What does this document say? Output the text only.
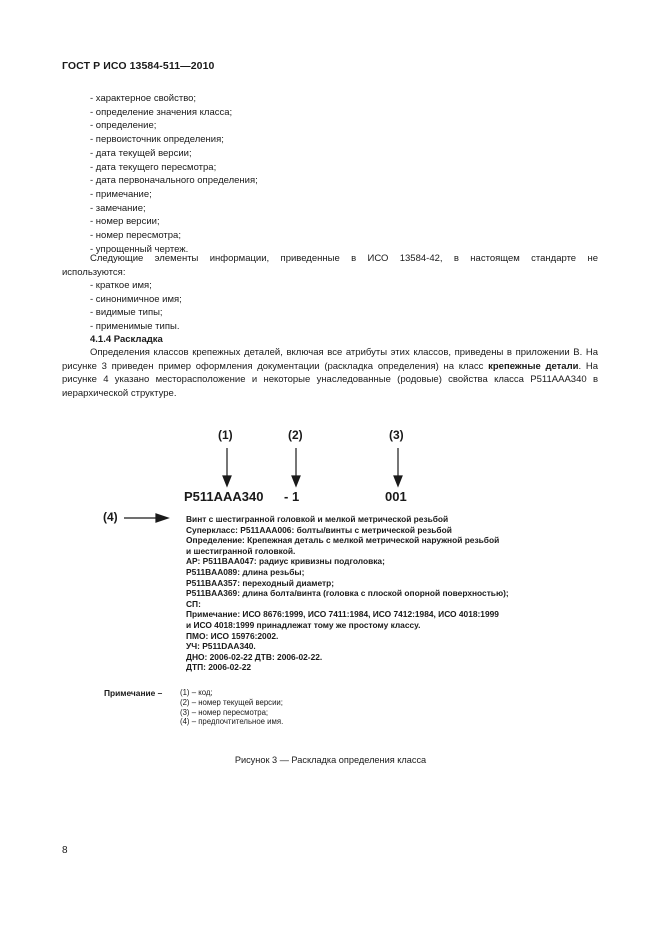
ГОСТ Р ИСО 13584-511—2010
- характерное свойство;
- определение значения класса;
- определение;
- первоисточник определения;
- дата текущей версии;
- дата текущего пересмотра;
- дата первоначального определения;
- примечание;
- замечание;
- номер версии;
- номер пересмотра;
- упрощенный чертеж.
Следующие элементы информации, приведенные в ИСО 13584-42, в настоящем стандарте не
используются:
- краткое имя;
- синонимичное имя;
- видимые типы;
- применимые типы.
4.1.4 Раскладка

Определения классов крепежных деталей, включая все атрибуты этих классов, приведены в приложении В. На рисунке 3 приведен пример оформления документации (раскладка определения) на класс крепежные детали. На рисунке 4 указано месторасположение и некоторые унаследованные (родовые) свойства класса Р511ААА340 в иерархической структуре.

(1)	(2)	(3)
(4)
P511AAA340 - 1	001
Винт с шестигранной головкой и мелкой метрической резьбой
Суперкласс: P511AAA006: болты/винты с метрической резьбой
Определение: Крепежная деталь с мелкой метрической наружной резьбой
и шестигранной головкой.
АР: P511BAA047: радиус кривизны подголовка;
P511BAA089: длина резьбы;
P511BAA357: переходный диаметр;
P511BAA369: длина болта/винта (головка с плоской опорной поверхностью);
СП:
Примечание: ИСО 8676:1999, ИСО 7411:1984, ИСО 7412:1984, ИСО 4018:1999
и ИСО 4018:1999 принадлежат тому же простому классу.
ПМО: ИСО 15976:2002.
УЧ: P511DAA340.
ДНО: 2006-02-22 ДТВ: 2006-02-22.
ДТП: 2006-02-22
Примечание – (1) – код;
(2) – номер текущей версии;
(3) – номер пересмотра;
(4) – предпочтительное имя.
Рисунок 3 — Раскладка определения класса
8
